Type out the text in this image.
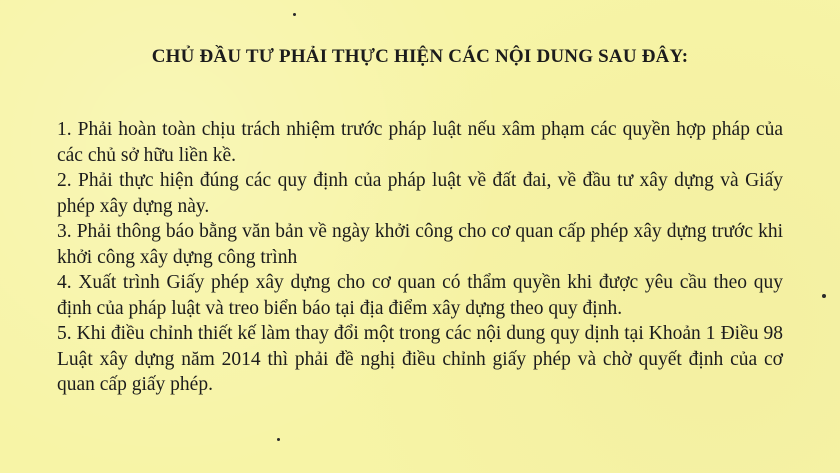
CHỦ ĐẦU TƯ PHẢI THỰC HIỆN CÁC NỘI DUNG SAU ĐÂY:

1. Phải hoàn toàn chịu trách nhiệm trước pháp luật nếu xâm phạm các quyền hợp pháp của các chủ sở hữu liền kề.

2. Phải thực hiện đúng các quy định của pháp luật về đất đai, về đầu tư xây dựng và Giấy phép xây dựng này.

3. Phải thông báo bằng văn bản về ngày khởi công cho cơ quan cấp phép xây dựng trước khi khởi công xây dựng công trình

4. Xuất trình Giấy phép xây dựng cho cơ quan có thẩm quyền khi được yêu cầu theo quy định của pháp luật và treo biển báo tại địa điểm xây dựng theo quy định.

5. Khi điều chỉnh thiết kế làm thay đổi một trong các nội dung quy dịnh tại Khoản 1 Điều 98 Luật xây dựng năm 2014 thì phải đề nghị điều chỉnh giấy phép và chờ quyết định của cơ quan cấp giấy phép.
